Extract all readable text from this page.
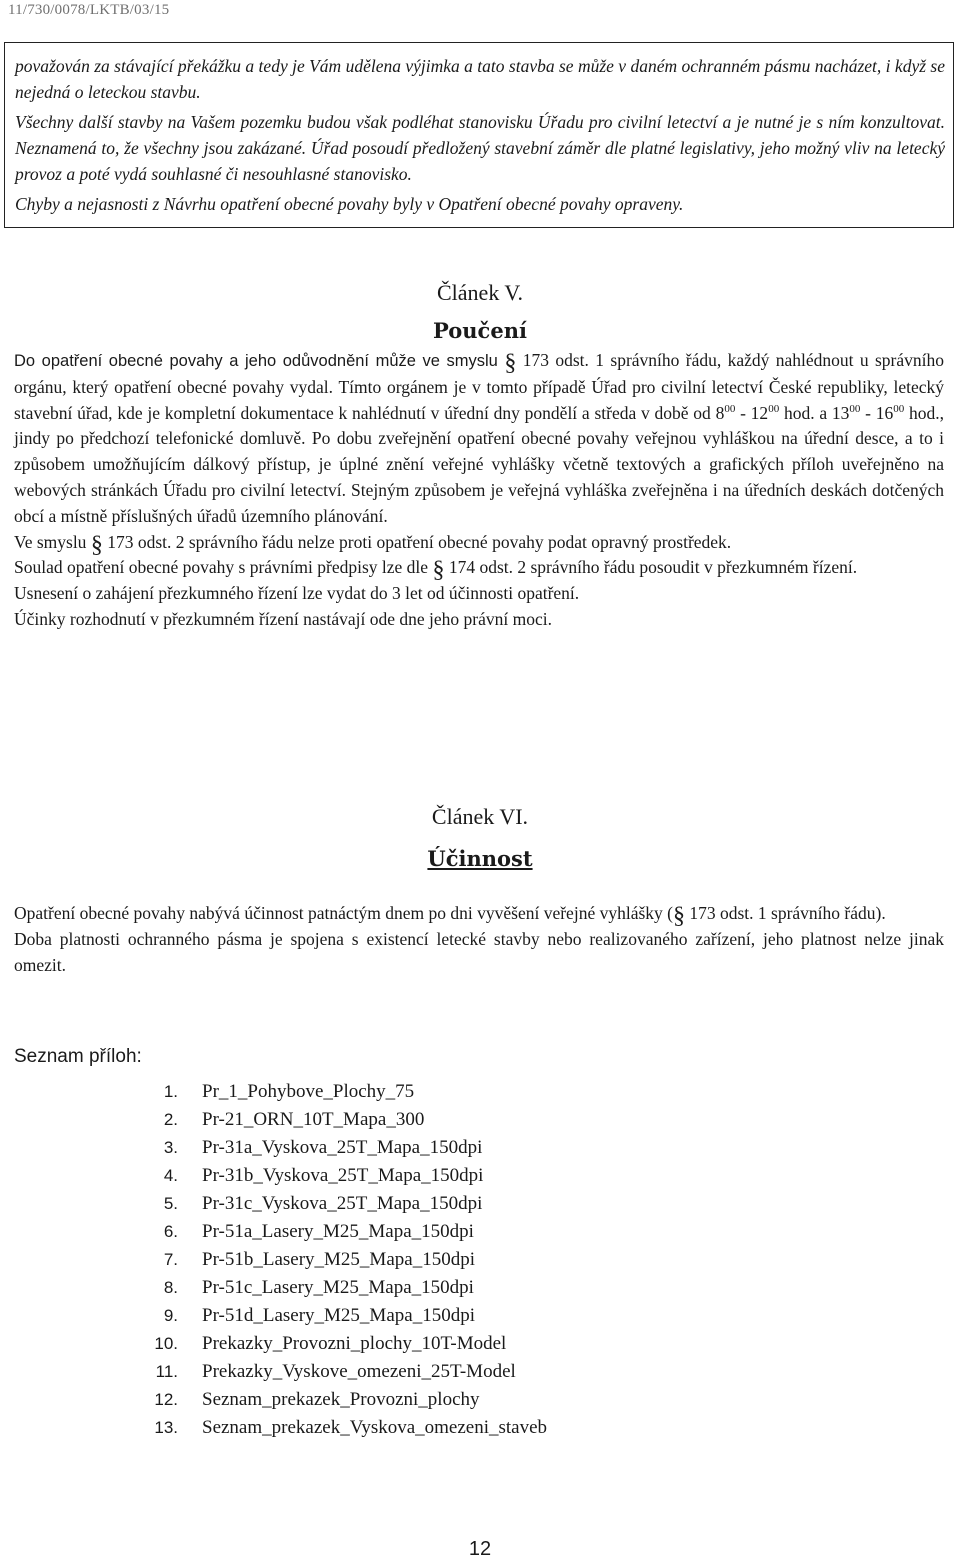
11/730/0078/LKTB/03/15

považován za stávající překážku a tedy je Vám udělena výjimka a tato stavba se může v daném ochranném pásmu nacházet, i když se nejedná o leteckou stavbu.

Všechny další stavby na Vašem pozemku budou však podléhat stanovisku Úřadu pro civilní letectví a je nutné je s ním konzultovat. Neznamená to, že všechny jsou zakázané. Úřad posoudí předložený stavební záměr dle platné legislativy, jeho možný vliv na letecký provoz a poté vydá souhlasné či nesouhlasné stanovisko.

Chyby a nejasnosti z Návrhu opatření obecné povahy byly v Opatření obecné povahy opraveny.

Článek V.
Poučení

Do opatření obecné povahy a jeho odůvodnění může ve smyslu § 173 odst. 1 správního řádu, každý nahlédnout u správního orgánu, který opatření obecné povahy vydal. Tímto orgánem je v tomto případě Úřad pro civilní letectví České republiky, letecký stavební úřad, kde je kompletní dokumentace k nahlédnutí v úřední dny pondělí a středa v době od $8^{00} - 12^{00}$ hod. a $13^{00} - 16^{00}$ hod., jindy po předchozí telefonické domluvě. Po dobu zveřejnění opatření obecné povahy veřejnou vyhláškou na úřední desce, a to i způsobem umožňujícím dálkový přístup, je úplné znění veřejné vyhlášky včetně textových a grafických příloh uveřejněno na webových stránkách Úřadu pro civilní letectví. Stejným způsobem je veřejná vyhláška zveřejněna i na úředních deskách dotčených obcí a místně příslušných úřadů územního plánování.

Ve smyslu § 173 odst. 2 správního řádu nelze proti opatření obecné povahy podat opravný prostředek.

Soulad opatření obecné povahy s právními předpisy lze dle § 174 odst. 2 správního řádu posoudit v přezkumném řízení.

Usnesení o zahájení přezkumného řízení lze vydat do 3 let od účinnosti opatření.

Účinky rozhodnutí v přezkumném řízení nastávají ode dne jeho právní moci.

Článek VI.
Účinnost

Opatření obecné povahy nabývá účinnost patnáctým dnem po dni vyvěšení veřejné vyhlášky (§ 173 odst. 1 správního řádu).

Doba platnosti ochranného pásma je spojena s existencí letecké stavby nebo realizovaného zařízení, jeho platnost nelze jinak omezit.

Seznam příloh:
1. Pr_1_Pohybove_Plochy_75
2. Pr-21_ORN_10T_Mapa_300
3. Pr-31a_Vyskova_25T_Mapa_150dpi
4. Pr-31b_Vyskova_25T_Mapa_150dpi
5. Pr-31c_Vyskova_25T_Mapa_150dpi
6. Pr-51a_Lasery_M25_Mapa_150dpi
7. Pr-51b_Lasery_M25_Mapa_150dpi
8. Pr-51c_Lasery_M25_Mapa_150dpi
9. Pr-51d_Lasery_M25_Mapa_150dpi
10. Prekazky_Provozni_plochy_10T-Model
11. Prekazky_Vyskove_omezeni_25T-Model
12. Seznam_prekazek_Provozni_plochy
13. Seznam_prekazek_Vyskova_omezeni_staveb
12
